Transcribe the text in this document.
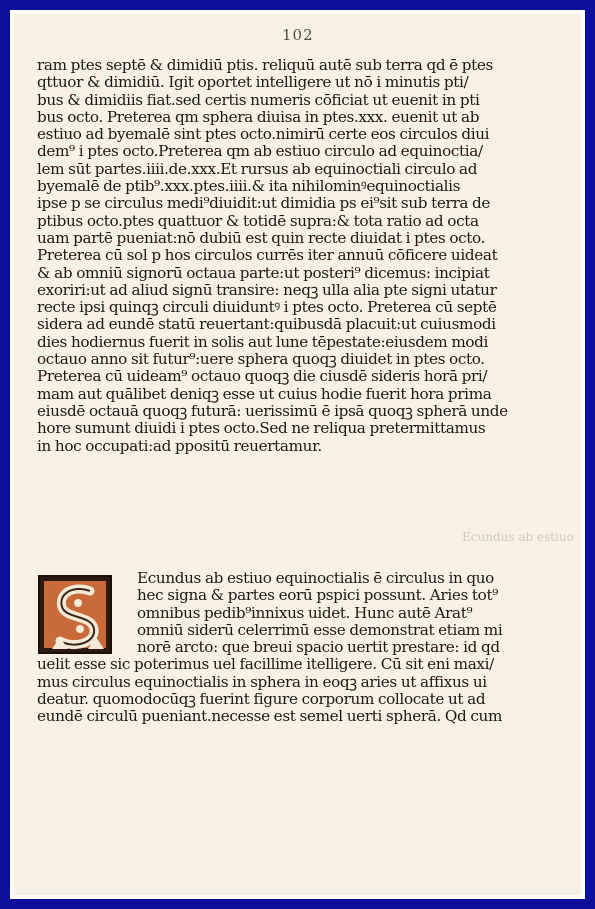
102
ram ptes septē & dimidiū ptis. reliquū autē sub terra qd ē ptes
qttuor & dimidiū. Igit oportet intelligere ut nō i minutis pti/
bus & dimidiis fiat.sed certis numeris cōficiat ut euenit in pti
bus octo. Preterea qm sphera diuisa in ptes.xxx. euenit ut ab
estiuo ad byemalē sint ptes octo.nimirū certe eos circulos diui
dem⁹ i ptes octo.Preterea qm ab estiuo circulo ad equinoctia/
lem sūt partes.iiii.de.xxx.Et rursus ab equinoctiali circulo ad
byemalē de ptib⁹.xxx.ptes.iiii.& ita nihilominꝰequinoctialis
ipse p se circulus medi⁹diuidit:ut dimidia ps ei⁹sit sub terra de
ptibus octo.ptes quattuor & totidē supra:& tota ratio ad octa
uam partē pueniat:nō dubiū est quin recte diuidat i ptes octo.
Preterea cū sol p hos circulos currēs iter annuū cōficere uideat
& ab omniū signorū octaua parte:ut posteri⁹ dicemus: incipiat
exoriri:ut ad aliud signū transire: neqꝫ ulla alia pte signi utatur
recte ipsi quinqꝫ circuli diuiduntꝰ i ptes octo. Preterea cū septē
sidera ad eundē statū reuertant:quibusdā placuit:ut cuiusmodi
dies hodiernus fuerit in solis aut lune tēpestate:eiusdem modi
octauo anno sit futur⁹:uere sphera quoqꝫ diuidet in ptes octo.
Preterea cū uideam⁹ octauo quoqꝫ die ciusdē sideris horā pri/
mam aut quālibet deniqꝫ esse ut cuius hodie fuerit hora prima
eiusdē octauā quoqꝫ futurā: uerissimū ē ipsā quoqꝫ spherā unde
hore sumunt diuidi i ptes octo.Sed ne reliqua pretermittamus
in hoc occupati:ad ppositū reuertamur.
Ecundus ab estiuo
Ecundus ab estiuo equinoctialis ē circulus in quo
hec signa & partes eorū pspici possunt. Aries tot⁹
omnibus pedib⁹innixus uidet. Hunc autē Arat⁹
omniū siderū celerrimū esse demonstrat etiam mi
norē arcto: que breui spacio uertit prestare: id qd
uelit esse sic poterimus uel facillime itelligere. Cū sit eni maxi/
mus circulus equinoctialis in sphera in eoqꝫ aries ut affixus ui
deatur. quomodocūqꝫ fuerint figure corporum collocate ut ad
eundē circulū pueniant.necesse est semel uerti spherā. Qd cum
